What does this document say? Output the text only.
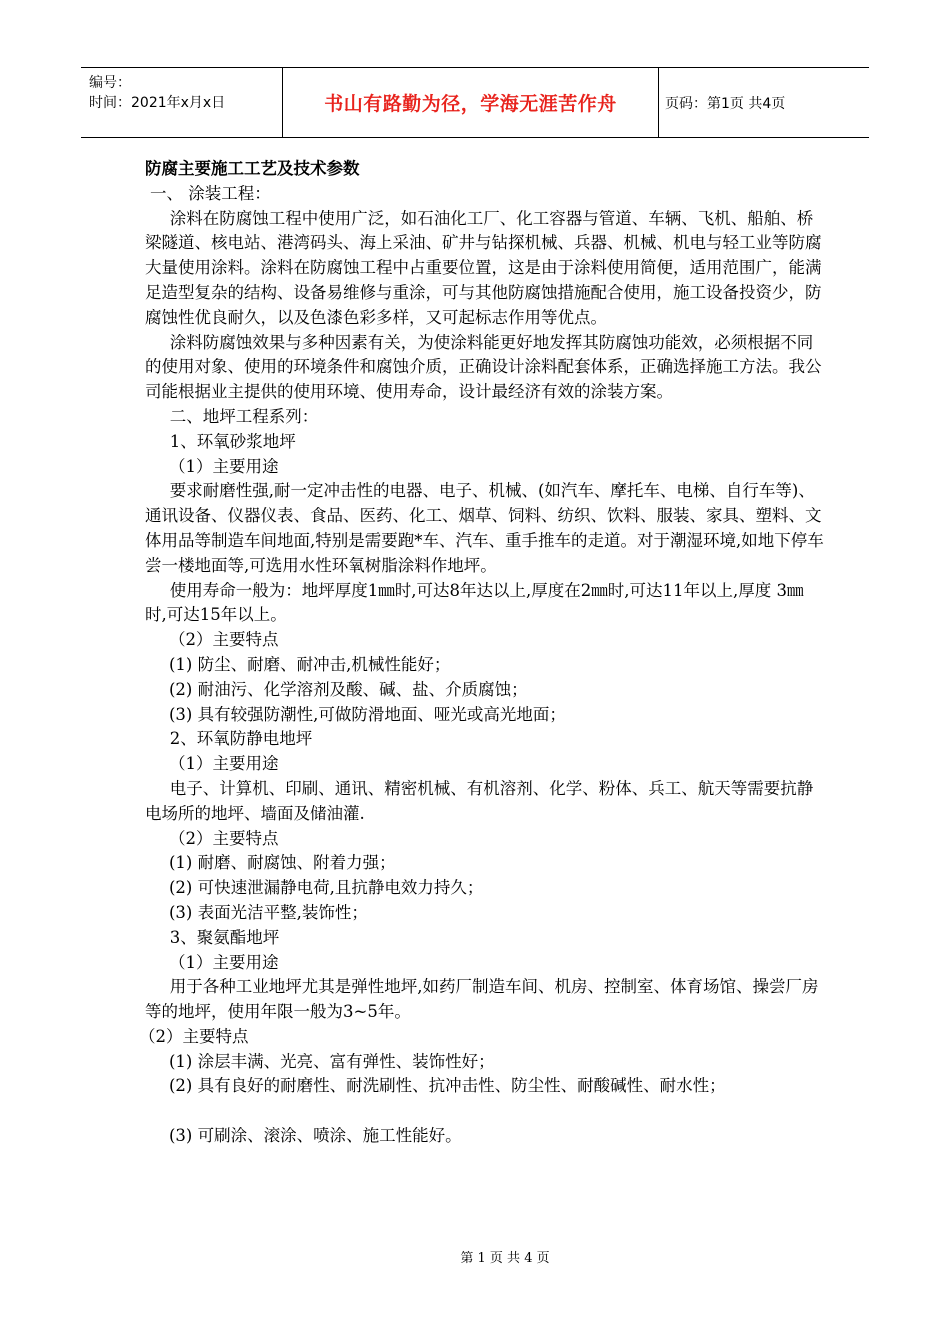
编号：
时间：2021年x月x日	书山有路勤为径，学海无涯苦作舟	页码：第1页 共4页

防腐主要施工工艺及技术参数

一、 涂装工程：

涂料在防腐蚀工程中使用广泛，如石油化工厂、化工容器与管道、车辆、飞机、船舶、桥梁隧道、核电站、港湾码头、海上采油、矿井与钻探机械、兵器、机械、机电与轻工业等防腐大量使用涂料。涂料在防腐蚀工程中占重要位置，这是由于涂料使用简便，适用范围广，能满足造型复杂的结构、设备易维修与重涂，可与其他防腐蚀措施配合使用，施工设备投资少，防腐蚀性优良耐久，以及色漆色彩多样，又可起标志作用等优点。

涂料防腐蚀效果与多种因素有关，为使涂料能更好地发挥其防腐蚀功能效，必须根据不同的使用对象、使用的环境条件和腐蚀介质，正确设计涂料配套体系，正确选择施工方法。我公司能根据业主提供的使用环境、使用寿命，设计最经济有效的涂装方案。

二、地坪工程系列：

1、环氧砂浆地坪

（1）主要用途

要求耐磨性强,耐一定冲击性的电器、电子、机械、(如汽车、摩托车、电梯、自行车等)、通讯设备、仪器仪表、食品、医药、化工、烟草、饲料、纺织、饮料、服装、家具、塑料、文体用品等制造车间地面,特别是需要跑*车、汽车、重手推车的走道。对于潮湿环境,如地下停车尝一楼地面等,可选用水性环氧树脂涂料作地坪。

使用寿命一般为：地坪厚度1㎜时,可达8年达以上,厚度在2㎜时,可达11年以上,厚度 3㎜时,可达15年以上。

（2）主要特点

(1) 防尘、耐磨、耐冲击,机械性能好；

(2) 耐油污、化学溶剂及酸、碱、盐、介质腐蚀；

(3) 具有较强防潮性,可做防滑地面、哑光或高光地面；

2、环氧防静电地坪

（1）主要用途

电子、计算机、印刷、通讯、精密机械、有机溶剂、化学、粉体、兵工、航天等需要抗静电场所的地坪、墙面及储油灌.

（2）主要特点

(1) 耐磨、耐腐蚀、附着力强；

(2) 可快速泄漏静电荷,且抗静电效力持久；

(3) 表面光洁平整,装饰性；

3、聚氨酯地坪

（1）主要用途

用于各种工业地坪尤其是弹性地坪,如药厂制造车间、机房、控制室、体育场馆、操尝厂房等的地坪，使用年限一般为3~5年。

（2）主要特点

(1) 涂层丰满、光亮、富有弹性、装饰性好；

(2) 具有良好的耐磨性、耐洗刷性、抗冲击性、防尘性、耐酸碱性、耐水性；

(3) 可刷涂、滚涂、喷涂、施工性能好。

第 1 页 共 4 页
